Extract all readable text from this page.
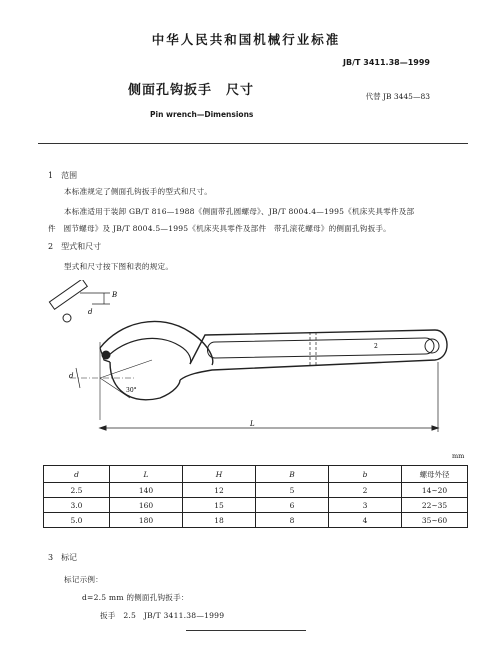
中华人民共和国机械行业标准
JB/T 3411.38—1999
侧面孔钩扳手　尺寸	代替 JB 3445—83
Pin wrench—Dimensions
1　范围
本标准规定了侧面孔钩扳手的型式和尺寸。
本标准适用于装卸 GB/T 816—1988《侧面带孔圆螺母》、JB/T 8004.4—1995《机床夹具零件及部
件　圆节螺母》及 JB/T 8004.5—1995《机床夹具零件及部件　带孔滚花螺母》的侧面孔钩扳手。
2　型式和尺寸
型式和尺寸按下图和表的规定。
B
d
d
30°
2
L
mm
d	L	H	B	b	螺母外径
2.5	140	12	5	2	14~20
3.0	160	15	6	3	22~35
5.0	180	18	8	4	35~60
3　标记
标记示例：
d=2.5 mm 的侧面孔钩扳手：
扳手　2.5　JB/T 3411.38—1999
